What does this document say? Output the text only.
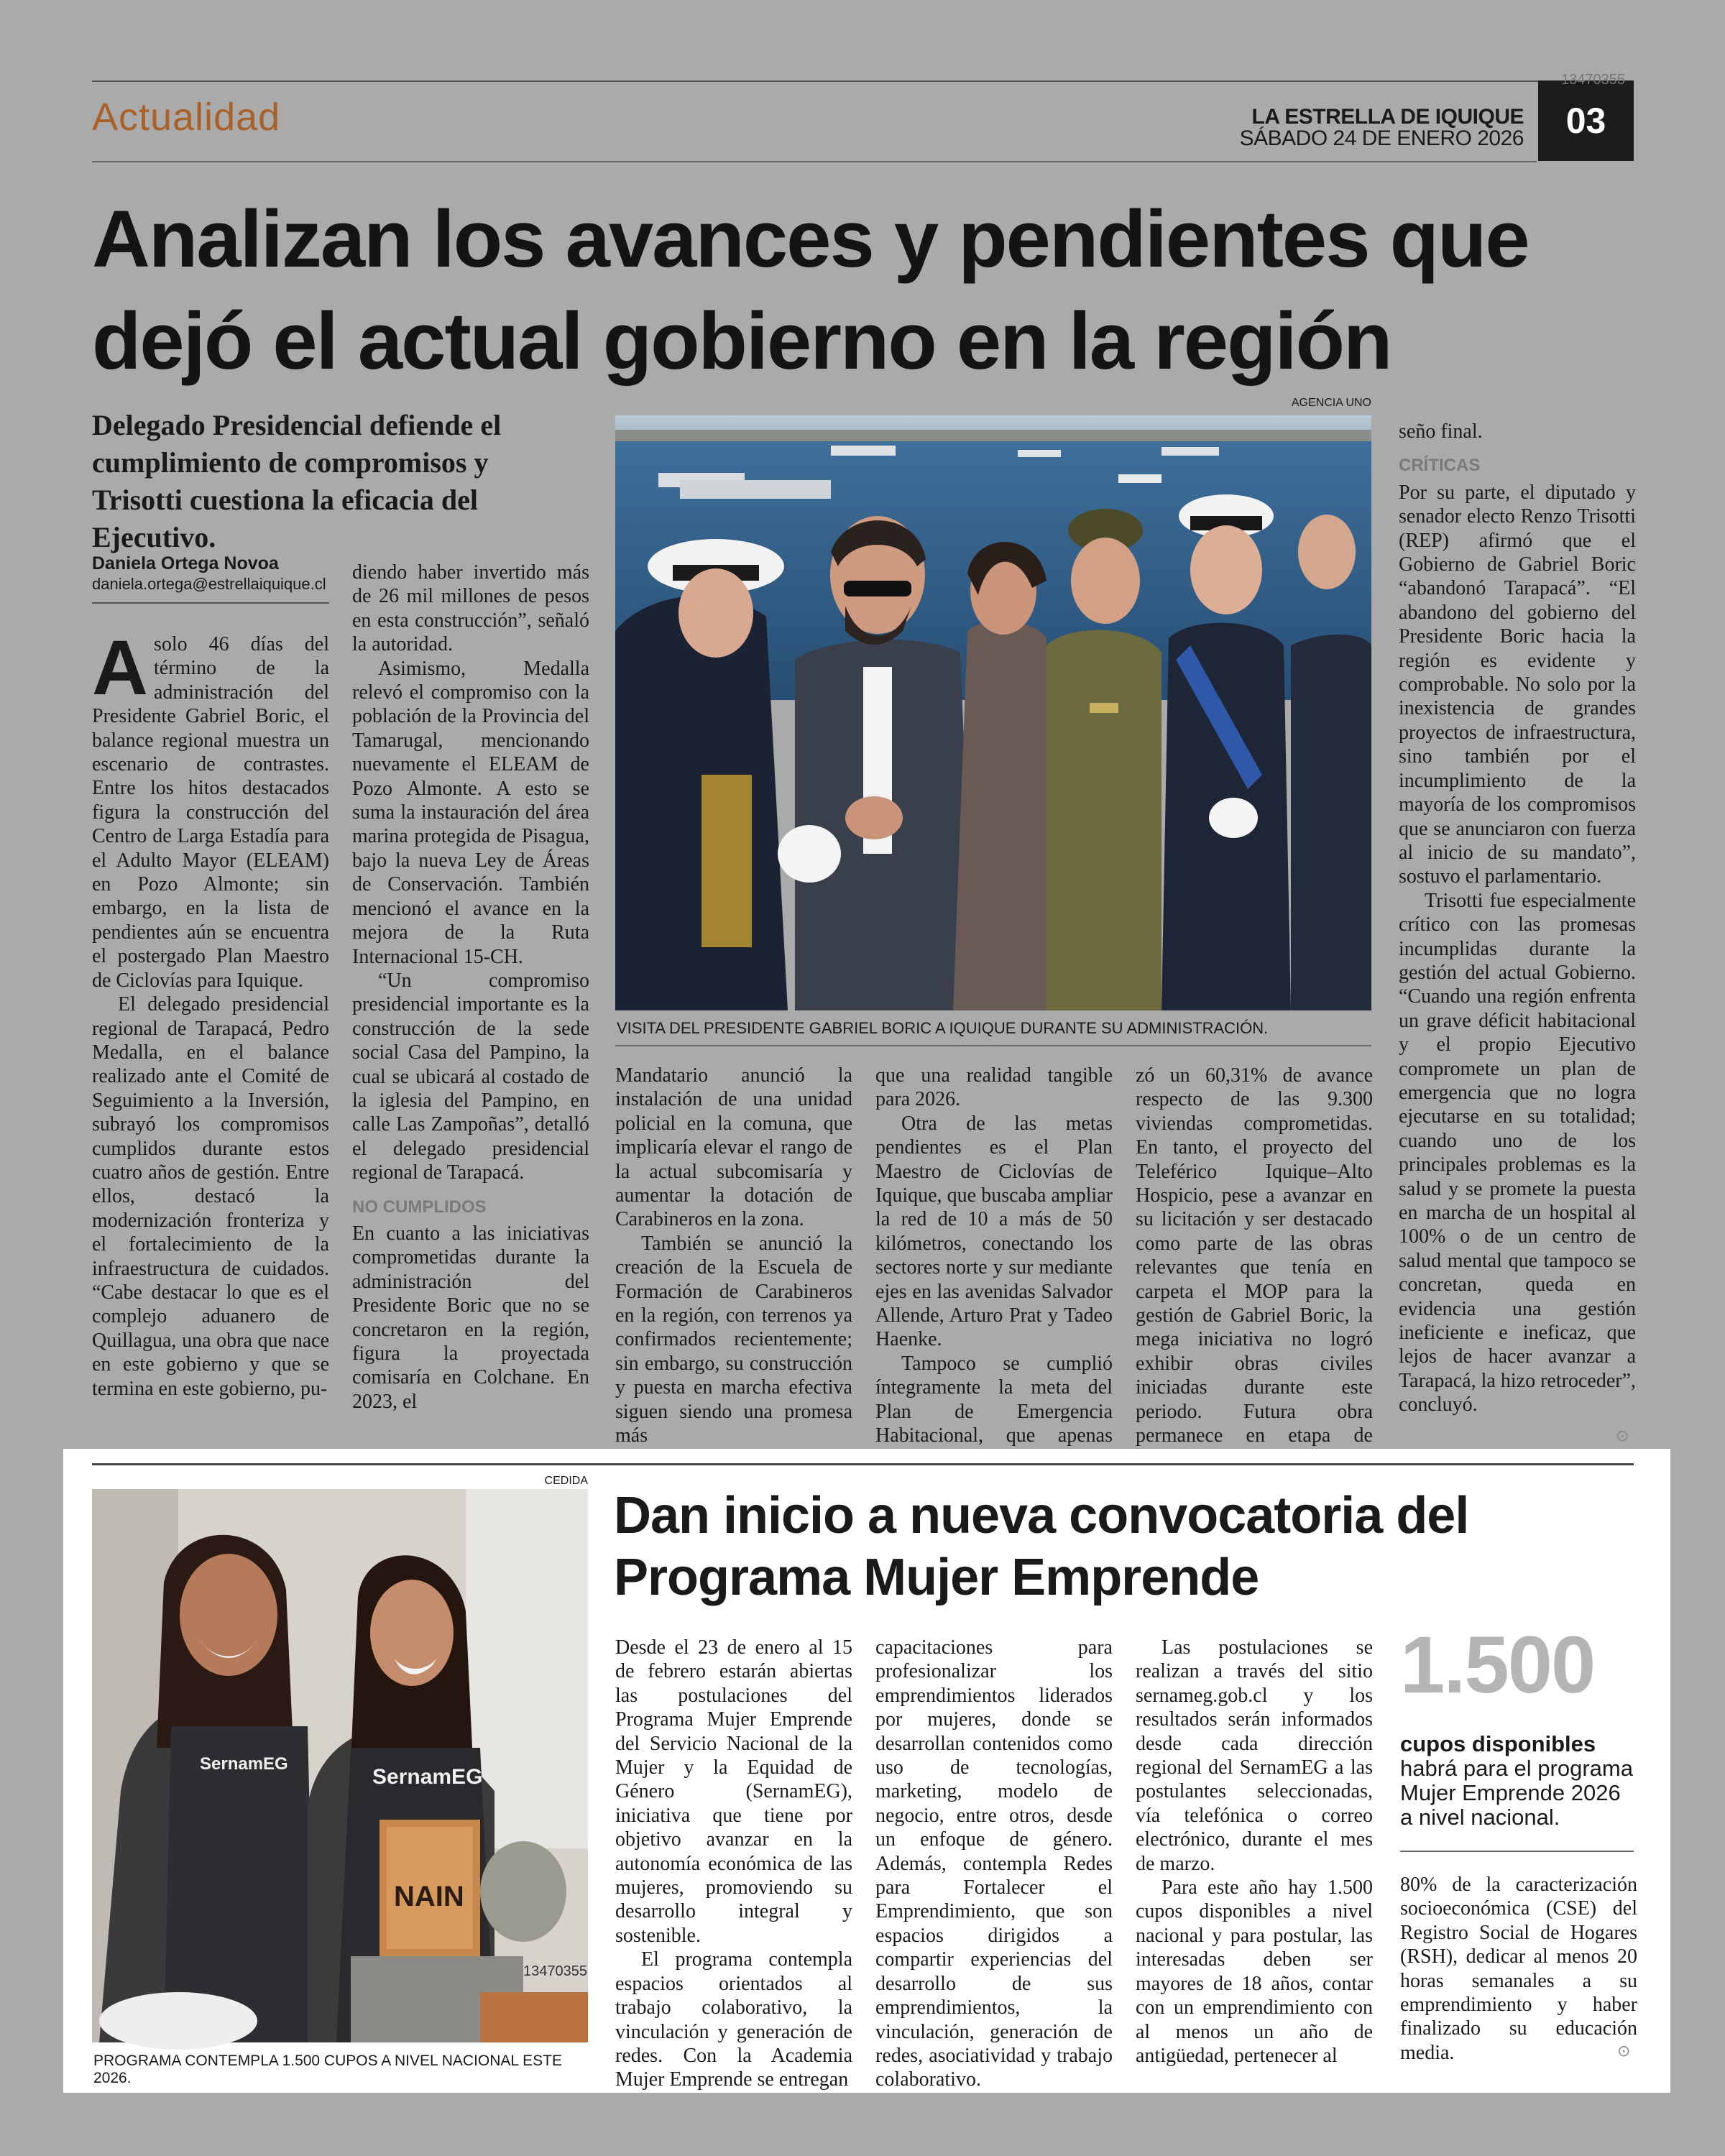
Actualidad	LA ESTRELLA DE IQUIQUE
SÁBADO 24 DE ENERO 2026	03
13470355
Analizan los avances y pendientes que dejó el actual gobierno en la región
Delegado Presidencial defiende el cumplimiento de compromisos y Trisotti cuestiona la eficacia del Ejecutivo.
Daniela Ortega Novoa
daniela.ortega@estrellaiquique.cl

A solo 46 días del término de la administración del Presidente Gabriel Boric, el balance regional muestra un escenario de contrastes. Entre los hitos destacados figura la construcción del Centro de Larga Estadía para el Adulto Mayor (ELEAM) en Pozo Almonte; sin embargo, en la lista de pendientes aún se encuentra el postergado Plan Maestro de Ciclovías para Iquique.

El delegado presidencial regional de Tarapacá, Pedro Medalla, en el balance realizado ante el Comité de Seguimiento a la Inversión, subrayó los compromisos cumplidos durante estos cuatro años de gestión. Entre ellos, destacó la modernización fronteriza y el fortalecimiento de la infraestructura de cuidados. “Cabe destacar lo que es el complejo aduanero de Quillagua, una obra que nace en este gobierno y que se termina en este gobierno, pu-

diendo haber invertido más de 26 mil millones de pesos en esta construcción”, señaló la autoridad.

Asimismo, Medalla relevó el compromiso con la población de la Provincia del Tamarugal, mencionando nuevamente el ELEAM de Pozo Almonte. A esto se suma la instauración del área marina protegida de Pisagua, bajo la nueva Ley de Áreas de Conservación. También mencionó el avance en la mejora de la Ruta Internacional 15-CH.

“Un compromiso presidencial importante es la construcción de la sede social Casa del Pampino, la cual se ubicará al costado de la iglesia del Pampino, en calle Las Zampoñas”, detalló el delegado presidencial regional de Tarapacá.

NO CUMPLIDOS

En cuanto a las iniciativas comprometidas durante la administración del Presidente Boric que no se concretaron en la región, figura la proyectada comisaría en Colchane. En 2023, el

AGENCIA UNO
VISITA DEL PRESIDENTE GABRIEL BORIC A IQUIQUE DURANTE SU ADMINISTRACIÓN.

Mandatario anunció la instalación de una unidad policial en la comuna, que implicaría elevar el rango de la actual subcomisaría y aumentar la dotación de Carabineros en la zona.

También se anunció la creación de la Escuela de Formación de Carabineros en la región, con terrenos ya confirmados recientemente; sin embargo, su construcción y puesta en marcha efectiva siguen siendo una promesa más

que una realidad tangible para 2026.

Otra de las metas pendientes es el Plan Maestro de Ciclovías de Iquique, que buscaba ampliar la red de 10 a más de 50 kilómetros, conectando los sectores norte y sur mediante ejes en las avenidas Salvador Allende, Arturo Prat y Tadeo Haenke.

Tampoco se cumplió íntegramente la meta del Plan de Emergencia Habitacional, que apenas

zó un 60,31% de avance respecto de las 9.300 viviendas comprometidas. En tanto, el proyecto del Teleférico Iquique–Alto Hospicio, pese a avanzar en su licitación y ser destacado como parte de las obras relevantes que tenía en carpeta el MOP para la gestión de Gabriel Boric, la mega iniciativa no logró exhibir obras civiles iniciadas durante este periodo. Futura obra permanece en etapa de

seño final.

CRÍTICAS

Por su parte, el diputado y senador electo Renzo Trisotti (REP) afirmó que el Gobierno de Gabriel Boric “abandonó Tarapacá”. “El abandono del gobierno del Presidente Boric hacia la región es evidente y comprobable. No solo por la inexistencia de grandes proyectos de infraestructura, sino también por el incumplimiento de la mayoría de los compromisos que se anunciaron con fuerza al inicio de su mandato”, sostuvo el parlamentario.

Trisotti fue especialmente crítico con las promesas incumplidas durante la gestión del actual Gobierno. “Cuando una región enfrenta un grave déficit habitacional y el propio Ejecutivo compromete un plan de emergencia que no logra ejecutarse en su totalidad; cuando uno de los principales problemas es la salud y se promete la puesta en marcha de un hospital al 100% o de un centro de salud mental que tampoco se concretan, queda en evidencia una gestión ineficiente e ineficaz, que lejos de hacer avanzar a Tarapacá, la hizo retroceder”, concluyó.

⊙
CEDIDA
SernamEG
SernamEG
NAIN
13470355
PROGRAMA CONTEMPLA 1.500 CUPOS A NIVEL NACIONAL ESTE 2026.
Dan inicio a nueva convocatoria del Programa Mujer Emprende

Desde el 23 de enero al 15 de febrero estarán abiertas las postulaciones del Programa Mujer Emprende del Servicio Nacional de la Mujer y la Equidad de Género (SernamEG), iniciativa que tiene por objetivo avanzar en la autonomía económica de las mujeres, promoviendo su desarrollo integral y sostenible.

El programa contempla espacios orientados al trabajo colaborativo, la vinculación y generación de redes. Con la Academia Mujer Emprende se entregan

capacitaciones para profesionalizar los emprendimientos liderados por mujeres, donde se desarrollan contenidos como uso de tecnologías, marketing, modelo de negocio, entre otros, desde un enfoque de género. Además, contempla Redes para Fortalecer el Emprendimiento, que son espacios dirigidos a compartir experiencias del desarrollo de sus emprendimientos, la vinculación, generación de redes, asociatividad y trabajo colaborativo.

Las postulaciones se realizan a través del sitio sernameg.gob.cl y los resultados serán informados desde cada dirección regional del SernamEG a las postulantes seleccionadas, vía telefónica o correo electrónico, durante el mes de marzo.

Para este año hay 1.500 cupos disponibles a nivel nacional y para postular, las interesadas deben ser mayores de 18 años, contar con un emprendimiento con al menos un año de antigüedad, pertenecer al

1.500
cupos disponibles habrá para el programa Mujer Emprende 2026 a nivel nacional.

80% de la caracterización socioeconómica (CSE) del Registro Social de Hogares (RSH), dedicar al menos 20 horas semanales a su emprendimiento y haber finalizado su educación media.	⊙
